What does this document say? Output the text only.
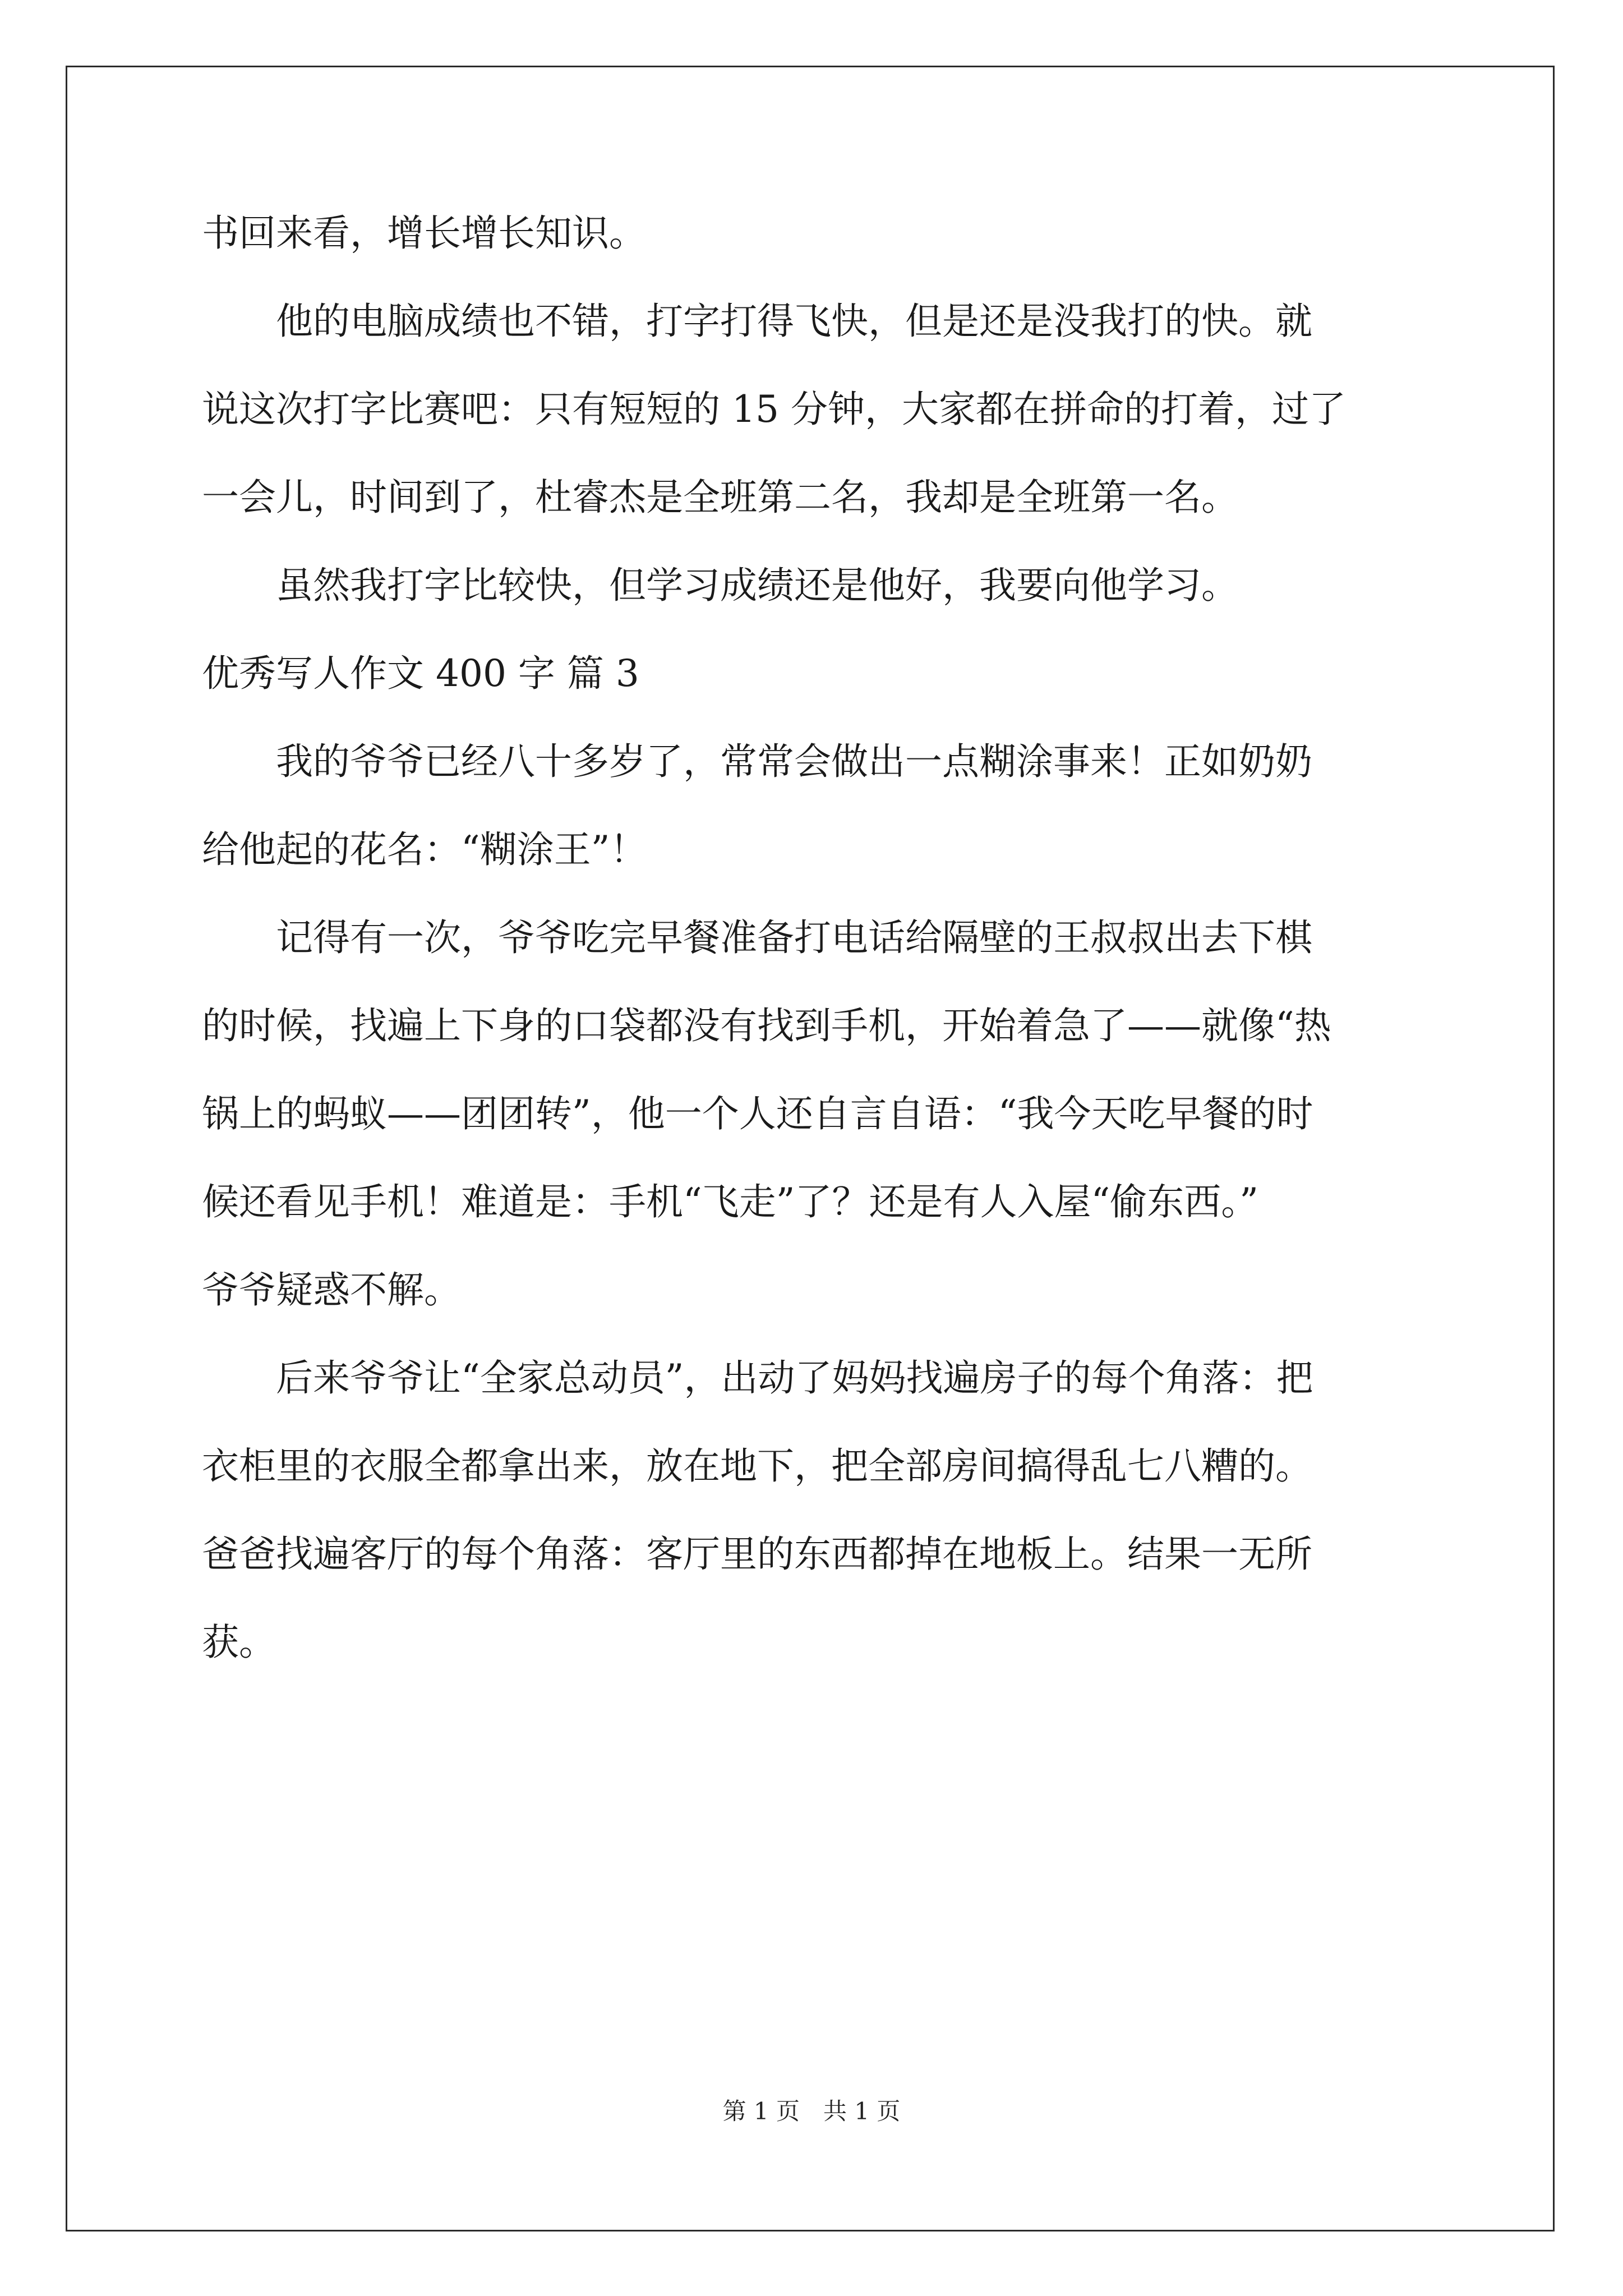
书回来看，增长增长知识。
　　他的电脑成绩也不错，打字打得飞快，但是还是没我打的快。就
说这次打字比赛吧：只有短短的 15 分钟，大家都在拼命的打着，过了
一会儿，时间到了，杜睿杰是全班第二名，我却是全班第一名。
　　虽然我打字比较快，但学习成绩还是他好，我要向他学习。
优秀写人作文 400 字 篇 3
　　我的爷爷已经八十多岁了，常常会做出一点糊涂事来！正如奶奶
给他起的花名：“糊涂王”！
　　记得有一次，爷爷吃完早餐准备打电话给隔壁的王叔叔出去下棋
的时候，找遍上下身的口袋都没有找到手机，开始着急了——就像“热
锅上的蚂蚁——团团转”，他一个人还自言自语：“我今天吃早餐的时
候还看见手机！难道是：手机“飞走”了？还是有人入屋“偷东西。”
爷爷疑惑不解。
　　后来爷爷让“全家总动员”，出动了妈妈找遍房子的每个角落：把
衣柜里的衣服全都拿出来，放在地下，把全部房间搞得乱七八糟的。
爸爸找遍客厅的每个角落：客厅里的东西都掉在地板上。结果一无所
获。
第 1 页　共 1 页
